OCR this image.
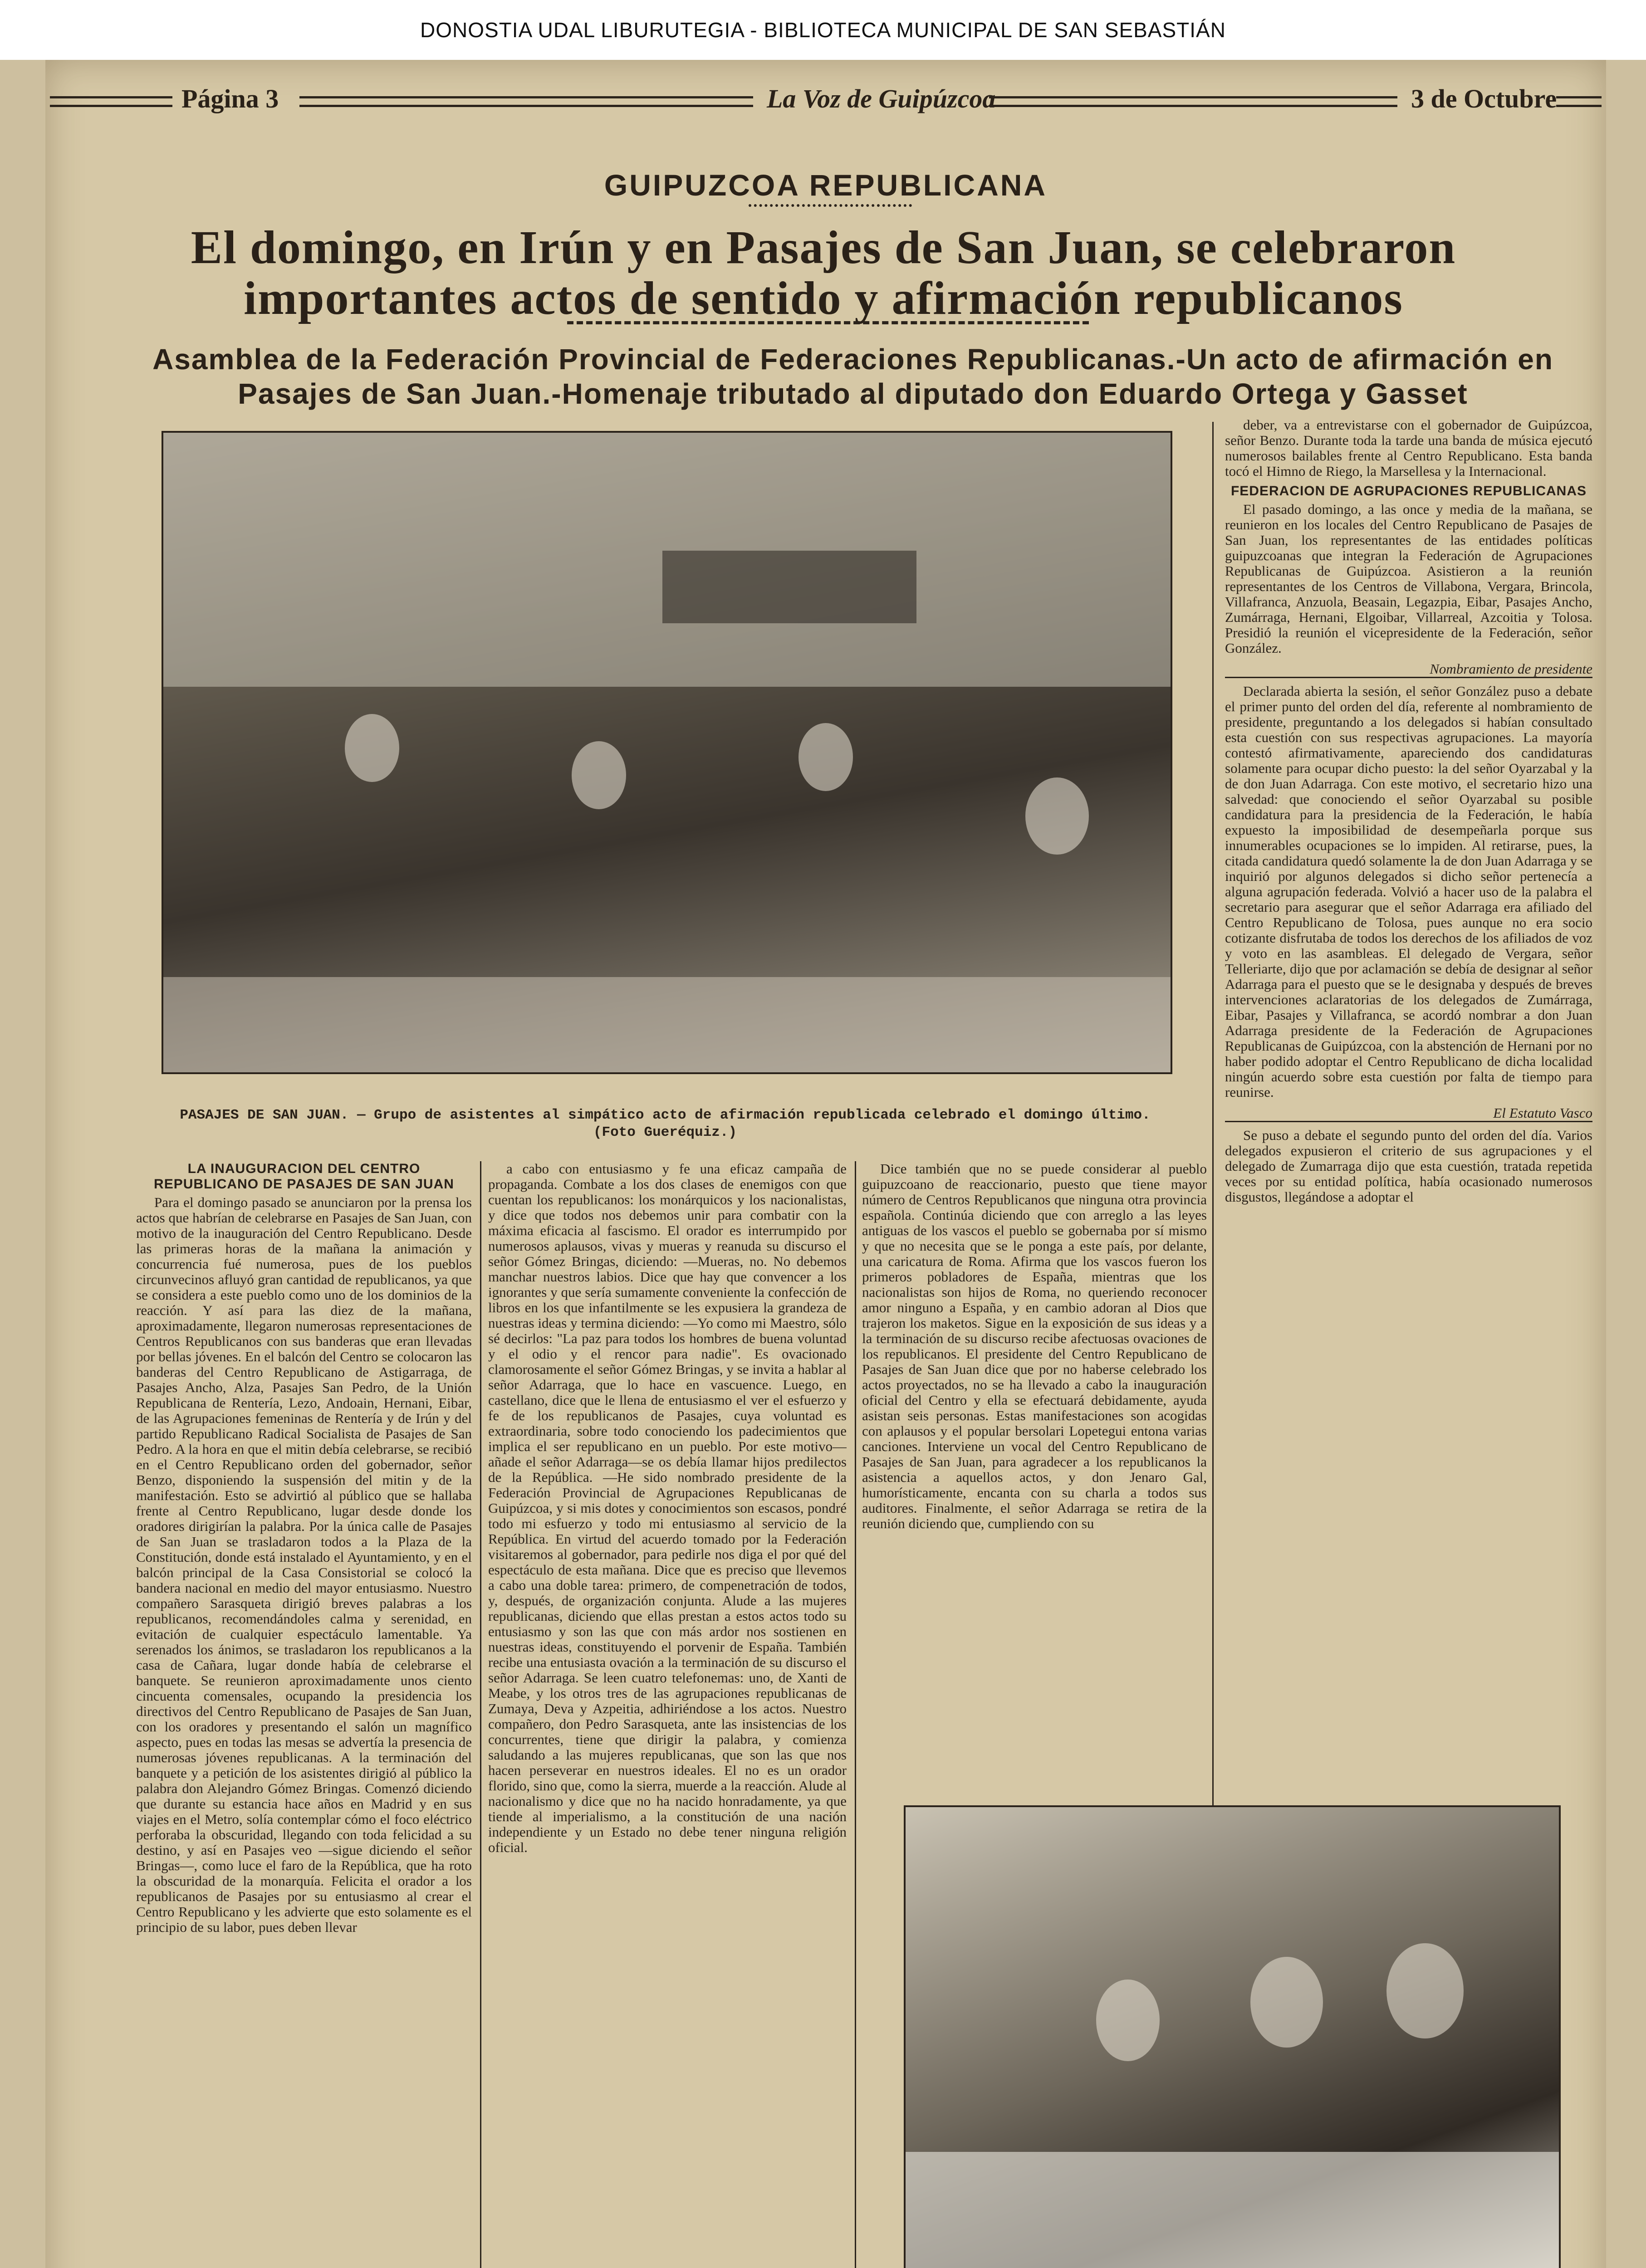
DONOSTIA UDAL LIBURUTEGIA - BIBLIOTECA MUNICIPAL DE SAN SEBASTIÁN
Página 3	La Voz de Guipúzcoa	3 de Octubre
GUIPUZCOA REPUBLICANA
El domingo, en Irún y en Pasajes de San Juan, se celebraron importantes actos de sentido y afirmación republicanos
Asamblea de la Federación Provincial de Federaciones Republicanas.-Un acto de afirmación en Pasajes de San Juan.-Homenaje tributado al diputado don Eduardo Ortega y Gasset
PASAJES DE SAN JUAN. — Grupo de asistentes al simpático acto de afirmación republicada celebrado el domingo último. (Foto Gueréquiz.)

deber, va a entrevistarse con el gobernador de Guipúzcoa, señor Benzo. Durante toda la tarde una banda de música ejecutó numerosos bailables frente al Centro Republicano. Esta banda tocó el Himno de Riego, la Marsellesa y la Internacional.

FEDERACION DE AGRUPACIONES REPUBLICANAS

El pasado domingo, a las once y media de la mañana, se reunieron en los locales del Centro Republicano de Pasajes de San Juan, los representantes de las entidades políticas guipuzcoanas que integran la Federación de Agrupaciones Republicanas de Guipúzcoa. Asistieron a la reunión representantes de los Centros de Villabona, Vergara, Brincola, Villafranca, Anzuola, Beasain, Legazpia, Eibar, Pasajes Ancho, Zumárraga, Hernani, Elgoibar, Villarreal, Azcoitia y Tolosa. Presidió la reunión el vicepresidente de la Federación, señor González.

Nombramiento de presidente

Declarada abierta la sesión, el señor González puso a debate el primer punto del orden del día, referente al nombramiento de presidente, preguntando a los delegados si habían consultado esta cuestión con sus respectivas agrupaciones. La mayoría contestó afirmativamente, apareciendo dos candidaturas solamente para ocupar dicho puesto: la del señor Oyarzabal y la de don Juan Adarraga. Con este motivo, el secretario hizo una salvedad: que conociendo el señor Oyarzabal su posible candidatura para la presidencia de la Federación, le había expuesto la imposibilidad de desempeñarla porque sus innumerables ocupaciones se lo impiden. Al retirarse, pues, la citada candidatura quedó solamente la de don Juan Adarraga y se inquirió por algunos delegados si dicho señor pertenecía a alguna agrupación federada. Volvió a hacer uso de la palabra el secretario para asegurar que el señor Adarraga era afiliado del Centro Republicano de Tolosa, pues aunque no era socio cotizante disfrutaba de todos los derechos de los afiliados de voz y voto en las asambleas. El delegado de Vergara, señor Telleriarte, dijo que por aclamación se debía de designar al señor Adarraga para el puesto que se le designaba y después de breves intervenciones aclaratorias de los delegados de Zumárraga, Eibar, Pasajes y Villafranca, se acordó nombrar a don Juan Adarraga presidente de la Federación de Agrupaciones Republicanas de Guipúzcoa, con la abstención de Hernani por no haber podido adoptar el Centro Republicano de dicha localidad ningún acuerdo sobre esta cuestión por falta de tiempo para reunirse.

El Estatuto Vasco

Se puso a debate el segundo punto del orden del día. Varios delegados expusieron el criterio de sus agrupaciones y el delegado de Zumarraga dijo que esta cuestión, tratada repetida veces por su entidad política, había ocasionado numerosos disgustos, llegándose a adoptar el

LA INAUGURACION DEL CENTRO REPUBLICANO DE PASAJES DE SAN JUAN

Para el domingo pasado se anunciaron por la prensa los actos que habrían de celebrarse en Pasajes de San Juan, con motivo de la inauguración del Centro Republicano. Desde las primeras horas de la mañana la animación y concurrencia fué numerosa, pues de los pueblos circunvecinos afluyó gran cantidad de republicanos, ya que se considera a este pueblo como uno de los dominios de la reacción. Y así para las diez de la mañana, aproximadamente, llegaron numerosas representaciones de Centros Republicanos con sus banderas que eran llevadas por bellas jóvenes. En el balcón del Centro se colocaron las banderas del Centro Republicano de Astigarraga, de Pasajes Ancho, Alza, Pasajes San Pedro, de la Unión Republicana de Rentería, Lezo, Andoain, Hernani, Eibar, de las Agrupaciones femeninas de Rentería y de Irún y del partido Republicano Radical Socialista de Pasajes de San Pedro. A la hora en que el mitin debía celebrarse, se recibió en el Centro Republicano orden del gobernador, señor Benzo, disponiendo la suspensión del mitin y de la manifestación. Esto se advirtió al público que se hallaba frente al Centro Republicano, lugar desde donde los oradores dirigirían la palabra. Por la única calle de Pasajes de San Juan se trasladaron todos a la Plaza de la Constitución, donde está instalado el Ayuntamiento, y en el balcón principal de la Casa Consistorial se colocó la bandera nacional en medio del mayor entusiasmo. Nuestro compañero Sarasqueta dirigió breves palabras a los republicanos, recomendándoles calma y serenidad, en evitación de cualquier espectáculo lamentable. Ya serenados los ánimos, se trasladaron los republicanos a la casa de Cañara, lugar donde había de celebrarse el banquete. Se reunieron aproximadamente unos ciento cincuenta comensales, ocupando la presidencia los directivos del Centro Republicano de Pasajes de San Juan, con los oradores y presentando el salón un magnífico aspecto, pues en todas las mesas se advertía la presencia de numerosas jóvenes republicanas. A la terminación del banquete y a petición de los asistentes dirigió al público la palabra don Alejandro Gómez Bringas. Comenzó diciendo que durante su estancia hace años en Madrid y en sus viajes en el Metro, solía contemplar cómo el foco eléctrico perforaba la obscuridad, llegando con toda felicidad a su destino, y así en Pasajes veo —sigue diciendo el señor Bringas—, como luce el faro de la República, que ha roto la obscuridad de la monarquía. Felicita el orador a los republicanos de Pasajes por su entusiasmo al crear el Centro Republicano y les advierte que esto solamente es el principio de su labor, pues deben llevar

a cabo con entusiasmo y fe una eficaz campaña de propaganda. Combate a los dos clases de enemigos con que cuentan los republicanos: los monárquicos y los nacionalistas, y dice que todos nos debemos unir para combatir con la máxima eficacia al fascismo. El orador es interrumpido por numerosos aplausos, vivas y mueras y reanuda su discurso el señor Gómez Bringas, diciendo: —Mueras, no. No debemos manchar nuestros labios. Dice que hay que convencer a los ignorantes y que sería sumamente conveniente la confección de libros en los que infantilmente se les expusiera la grandeza de nuestras ideas y termina diciendo: —Yo como mi Maestro, sólo sé decirlos: "La paz para todos los hombres de buena voluntad y el odio y el rencor para nadie". Es ovacionado clamorosamente el señor Gómez Bringas, y se invita a hablar al señor Adarraga, que lo hace en vascuence. Luego, en castellano, dice que le llena de entusiasmo el ver el esfuerzo y fe de los republicanos de Pasajes, cuya voluntad es extraordinaria, sobre todo conociendo los padecimientos que implica el ser republicano en un pueblo. Por este motivo—añade el señor Adarraga—se os debía llamar hijos predilectos de la República. —He sido nombrado presidente de la Federación Provincial de Agrupaciones Republicanas de Guipúzcoa, y si mis dotes y conocimientos son escasos, pondré todo mi esfuerzo y todo mi entusiasmo al servicio de la República. En virtud del acuerdo tomado por la Federación visitaremos al gobernador, para pedirle nos diga el por qué del espectáculo de esta mañana. Dice que es preciso que llevemos a cabo una doble tarea: primero, de compenetración de todos, y, después, de organización conjunta. Alude a las mujeres republicanas, diciendo que ellas prestan a estos actos todo su entusiasmo y son las que con más ardor nos sostienen en nuestras ideas, constituyendo el porvenir de España. También recibe una entusiasta ovación a la terminación de su discurso el señor Adarraga. Se leen cuatro telefonemas: uno, de Xanti de Meabe, y los otros tres de las agrupaciones republicanas de Zumaya, Deva y Azpeitia, adhiriéndose a los actos. Nuestro compañero, don Pedro Sarasqueta, ante las insistencias de los concurrentes, tiene que dirigir la palabra, y comienza saludando a las mujeres republicanas, que son las que nos hacen perseverar en nuestros ideales. El no es un orador florido, sino que, como la sierra, muerde a la reacción. Alude al nacionalismo y dice que no ha nacido honradamente, ya que tiende al imperialismo, a la constitución de una nación independiente y un Estado no debe tener ninguna religión oficial.

Dice también que no se puede considerar al pueblo guipuzcoano de reaccionario, puesto que tiene mayor número de Centros Republicanos que ninguna otra provincia española. Continúa diciendo que con arreglo a las leyes antiguas de los vascos el pueblo se gobernaba por sí mismo y que no necesita que se le ponga a este país, por delante, una caricatura de Roma. Afirma que los vascos fueron los primeros pobladores de España, mientras que los nacionalistas son hijos de Roma, no queriendo reconocer amor ninguno a España, y en cambio adoran al Dios que trajeron los maketos. Sigue en la exposición de sus ideas y a la terminación de su discurso recibe afectuosas ovaciones de los republicanos. El presidente del Centro Republicano de Pasajes de San Juan dice que por no haberse celebrado los actos proyectados, no se ha llevado a cabo la inauguración oficial del Centro y ella se efectuará debidamente, ayuda asistan seis personas. Estas manifestaciones son acogidas con aplausos y el popular bersolari Lopetegui entona varias canciones. Interviene un vocal del Centro Republicano de Pasajes de San Juan, para agradecer a los republicanos la asistencia a aquellos actos, y don Jenaro Gal, humorísticamente, encanta con su charla a todos sus auditores. Finalmente, el señor Adarraga se retira de la reunión diciendo que, cumpliendo con su
